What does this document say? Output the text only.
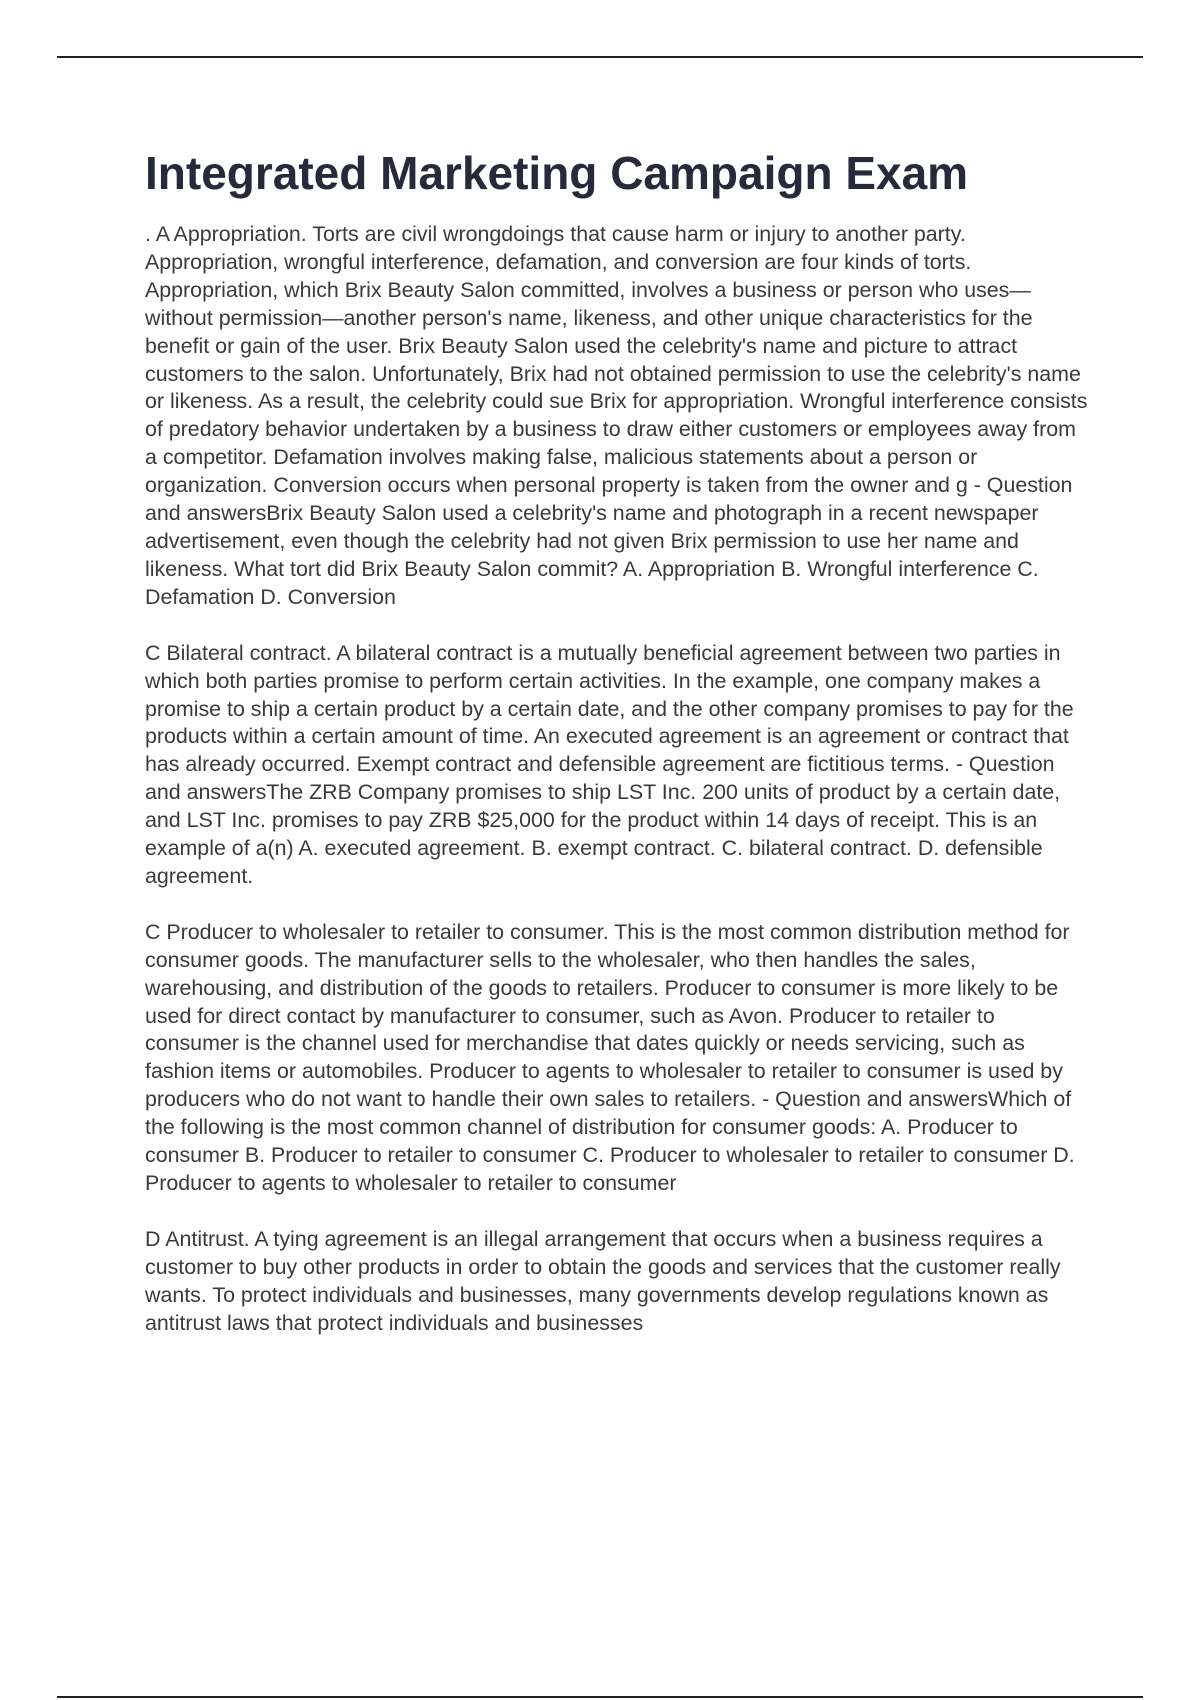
Integrated Marketing Campaign Exam

. A Appropriation. Torts are civil wrongdoings that cause harm or injury to another party. Appropriation, wrongful interference, defamation, and conversion are four kinds of torts. Appropriation, which Brix Beauty Salon committed, involves a business or person who uses—without permission—another person's name, likeness, and other unique characteristics for the benefit or gain of the user. Brix Beauty Salon used the celebrity's name and picture to attract customers to the salon. Unfortunately, Brix had not obtained permission to use the celebrity's name or likeness. As a result, the celebrity could sue Brix for appropriation. Wrongful interference consists of predatory behavior undertaken by a business to draw either customers or employees away from a competitor. Defamation involves making false, malicious statements about a person or organization. Conversion occurs when personal property is taken from the owner and g - Question and answersBrix Beauty Salon used a celebrity's name and photograph in a recent newspaper advertisement, even though the celebrity had not given Brix permission to use her name and likeness. What tort did Brix Beauty Salon commit? A. Appropriation B. Wrongful interference C. Defamation D. Conversion

C Bilateral contract. A bilateral contract is a mutually beneficial agreement between two parties in which both parties promise to perform certain activities. In the example, one company makes a promise to ship a certain product by a certain date, and the other company promises to pay for the products within a certain amount of time. An executed agreement is an agreement or contract that has already occurred. Exempt contract and defensible agreement are fictitious terms. - Question and answersThe ZRB Company promises to ship LST Inc. 200 units of product by a certain date, and LST Inc. promises to pay ZRB $25,000 for the product within 14 days of receipt. This is an example of a(n) A. executed agreement. B. exempt contract. C. bilateral contract. D. defensible agreement.

C Producer to wholesaler to retailer to consumer. This is the most common distribution method for consumer goods. The manufacturer sells to the wholesaler, who then handles the sales, warehousing, and distribution of the goods to retailers. Producer to consumer is more likely to be used for direct contact by manufacturer to consumer, such as Avon. Producer to retailer to consumer is the channel used for merchandise that dates quickly or needs servicing, such as fashion items or automobiles. Producer to agents to wholesaler to retailer to consumer is used by producers who do not want to handle their own sales to retailers. - Question and answersWhich of the following is the most common channel of distribution for consumer goods: A. Producer to consumer B. Producer to retailer to consumer C. Producer to wholesaler to retailer to consumer D. Producer to agents to wholesaler to retailer to consumer

D Antitrust. A tying agreement is an illegal arrangement that occurs when a business requires a customer to buy other products in order to obtain the goods and services that the customer really wants. To protect individuals and businesses, many governments develop regulations known as antitrust laws that protect individuals and businesses
